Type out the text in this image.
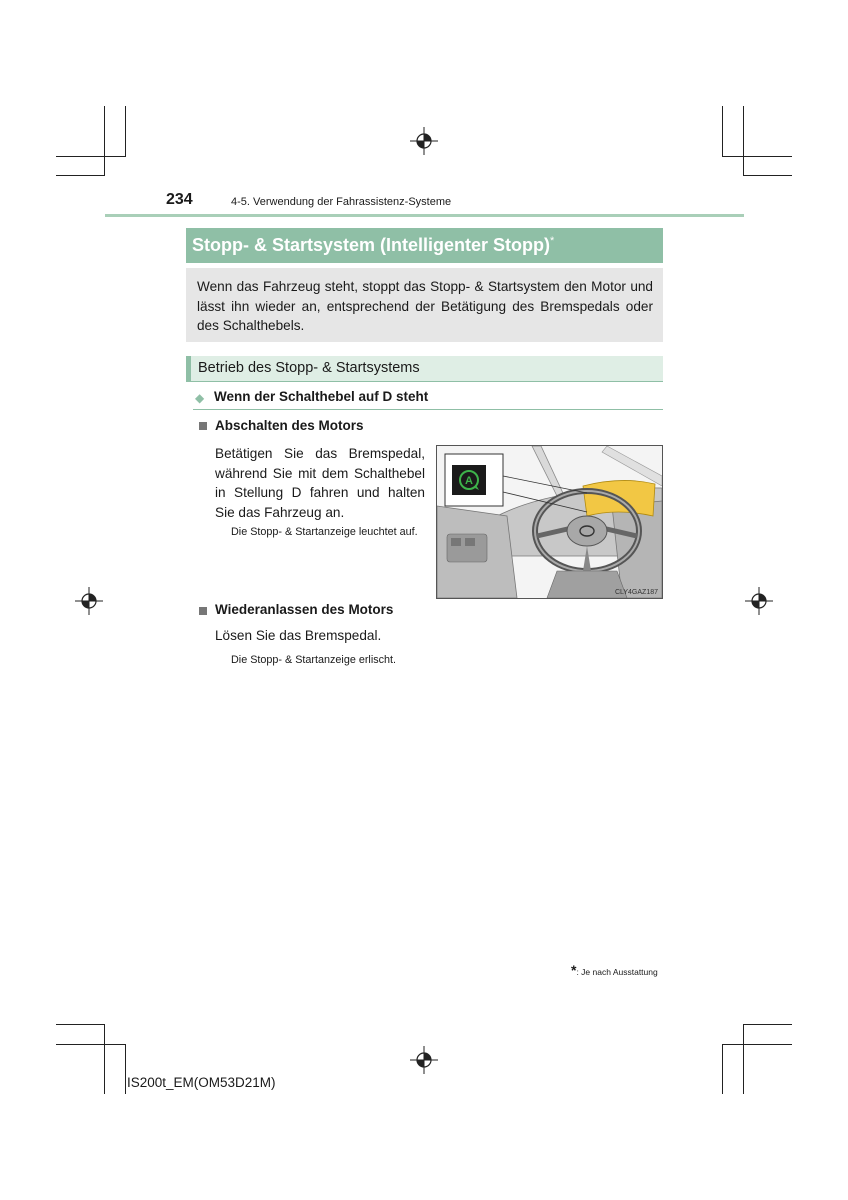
234	4-5. Verwendung der Fahrassistenz-Systeme
Stopp- & Startsystem (Intelligenter Stopp)*
Wenn das Fahrzeug steht, stoppt das Stopp- & Startsystem den Motor und lässt ihn wieder an, entsprechend der Betätigung des Bremspedals oder des Schalthebels.
Betrieb des Stopp- & Startsystems
◆ Wenn der Schalthebel auf D steht
Abschalten des Motors
Betätigen Sie das Bremspedal, während Sie mit dem Schalthebel in Stellung D fahren und halten Sie das Fahrzeug an.
Die Stopp- & Startanzeige leuchtet auf.
A
CLY4GAZ187
Wiederanlassen des Motors
Lösen Sie das Bremspedal.
Die Stopp- & Startanzeige erlischt.
*: Je nach Ausstattung
IS200t_EM(OM53D21M)
